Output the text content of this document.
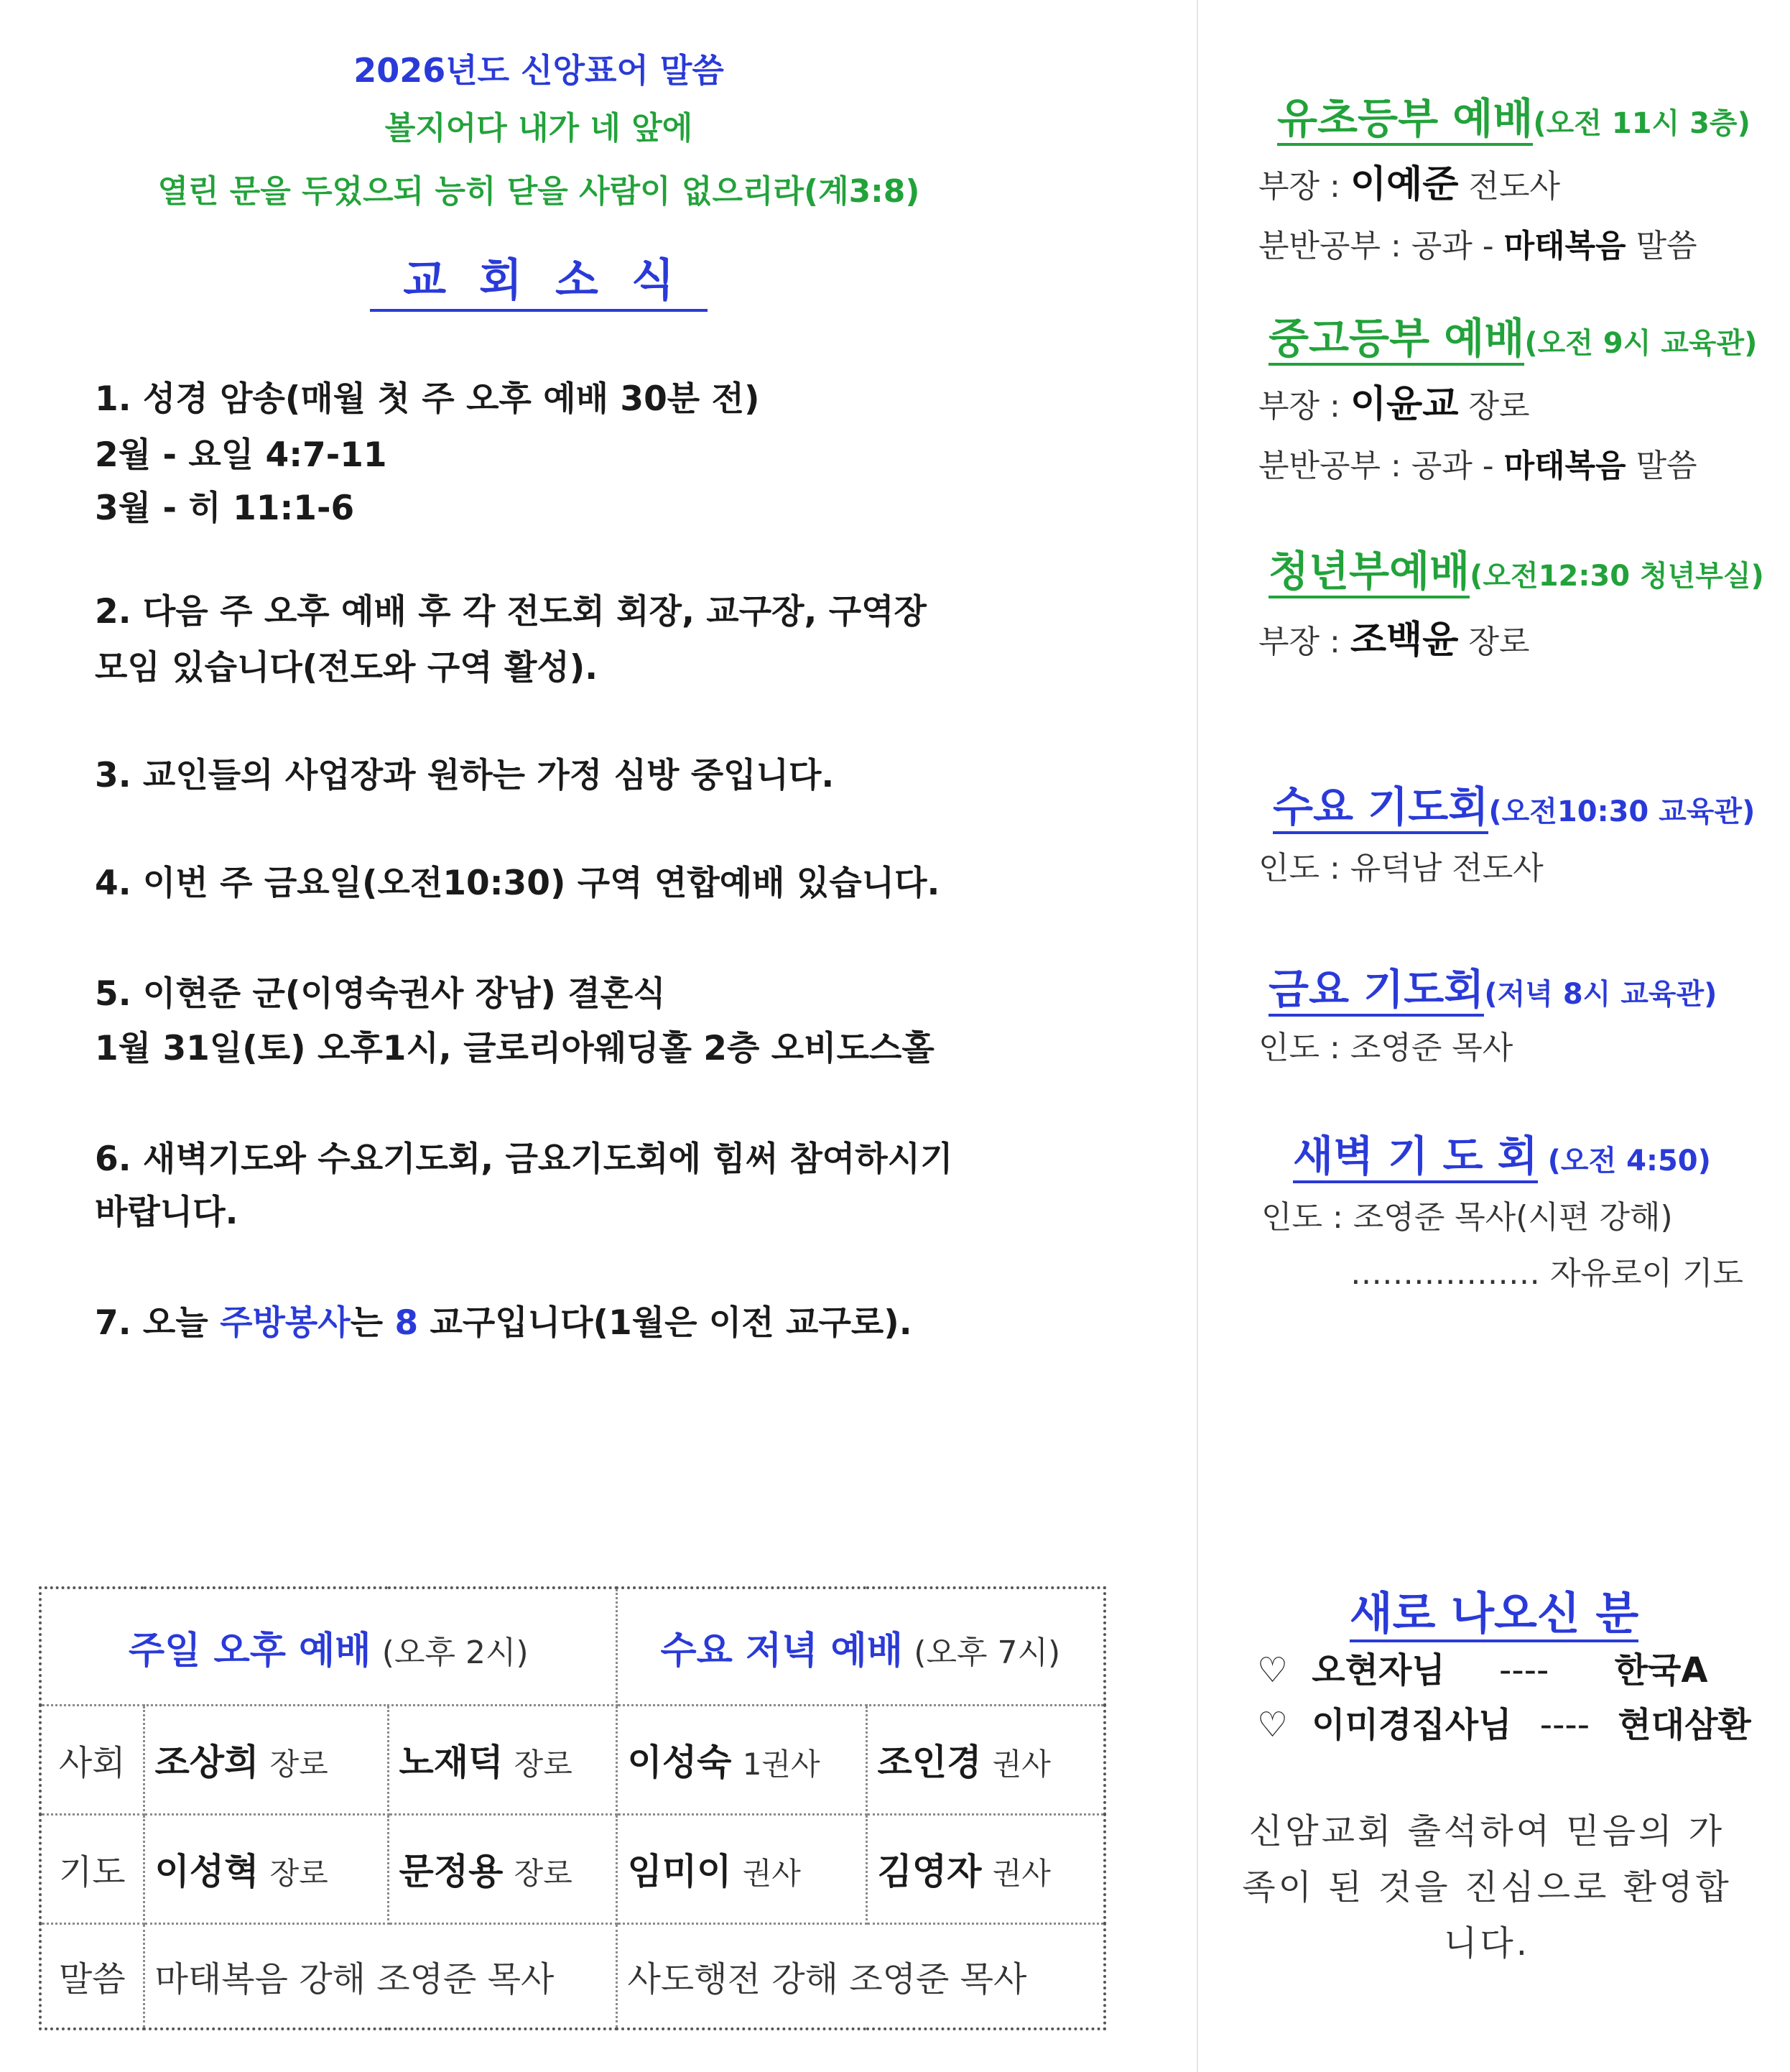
2026년도 신앙표어 말씀
볼지어다 내가 네 앞에
열린 문을 두었으되 능히 닫을 사람이 없으리라(계3:8)
교회소식
1. 성경 암송(매월 첫 주 오후 예배 30분 전)
2월 - 요일 4:7-11
3월 - 히 11:1-6
2. 다음 주 오후 예배 후 각 전도회 회장, 교구장, 구역장
모임 있습니다(전도와 구역 활성).
3. 교인들의 사업장과 원하는 가정 심방 중입니다.
4. 이번 주 금요일(오전10:30) 구역 연합예배 있습니다.
5. 이현준 군(이영숙권사 장남) 결혼식
1월 31일(토) 오후1시, 글로리아웨딩홀 2층 오비도스홀
6. 새벽기도와 수요기도회, 금요기도회에 힘써 참여하시기
바랍니다.
7. 오늘 주방봉사는 8 교구입니다(1월은 이전 교구로).
주일 오후 예배 (오후 2시)			수요 저녁 예배 (오후 7시)	
사회	조상희 장로	노재덕 장로	이성숙 1권사	조인경 권사
기도	이성혁 장로	문정용 장로	임미이 권사	김영자 권사
말씀	마태복음 강해 조영준 목사		사도행전 강해 조영준 목사	
유초등부 예배(오전 11시 3층)
부장 : 이예준 전도사
분반공부 : 공과 - 마태복음 말씀
중고등부 예배(오전 9시 교육관)
부장 : 이윤교 장로
분반공부 : 공과 - 마태복음 말씀
청년부예배(오전12:30 청년부실)
부장 : 조백윤 장로
수요 기도회(오전10:30 교육관)
인도 : 유덕남 전도사
금요 기도회(저녁 8시 교육관)
인도 : 조영준 목사
새벽 기 도 회 (오전 4:50)
인도 : 조영준 목사(시편 강해)
……………… 자유로이 기도
새로 나오신 분
♡ 오현자님 ---- 한국A
♡ 이미경집사님 ---- 현대삼환
신암교회 출석하여 믿음의 가족이 된 것을 진심으로 환영합니다.
